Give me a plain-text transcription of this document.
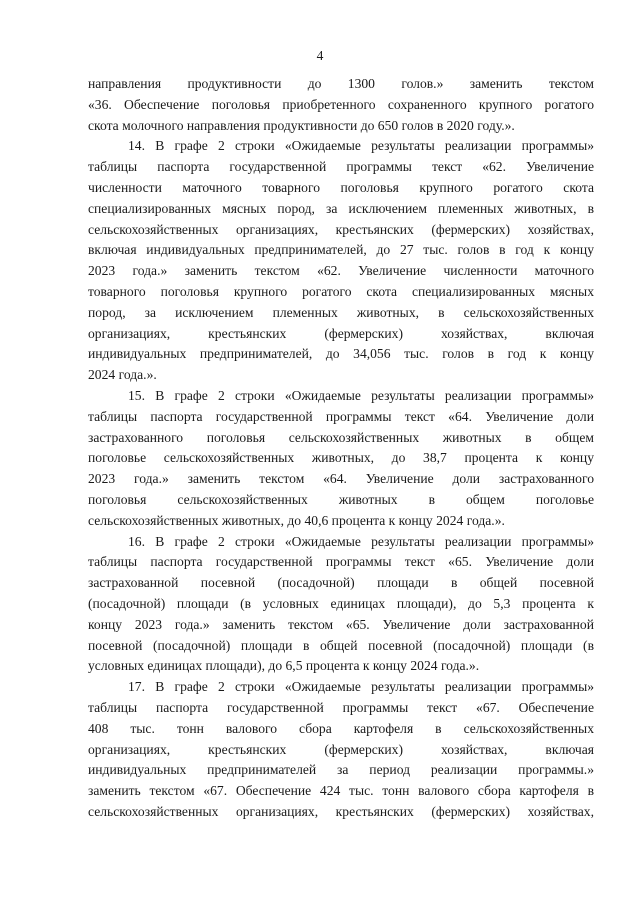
4
направления продуктивности до 1300 голов.» заменить текстом
«36. Обеспечение поголовья приобретенного сохраненного крупного рогатого
скота молочного направления продуктивности до 650 голов в 2020 году.».
14. В графе 2 строки «Ожидаемые результаты реализации программы»
таблицы паспорта государственной программы текст «62. Увеличение
численности маточного товарного поголовья крупного рогатого скота
специализированных мясных пород, за исключением племенных животных, в
сельскохозяйственных организациях, крестьянских (фермерских) хозяйствах,
включая индивидуальных предпринимателей, до 27 тыс. голов в год к концу
2023 года.» заменить текстом «62. Увеличение численности маточного
товарного поголовья крупного рогатого скота специализированных мясных
пород, за исключением племенных животных, в сельскохозяйственных
организациях, крестьянских (фермерских) хозяйствах, включая
индивидуальных предпринимателей, до 34,056 тыс. голов в год к концу
2024 года.».
15. В графе 2 строки «Ожидаемые результаты реализации программы»
таблицы паспорта государственной программы текст «64. Увеличение доли
застрахованного поголовья сельскохозяйственных животных в общем
поголовье сельскохозяйственных животных, до 38,7 процента к концу
2023 года.» заменить текстом «64. Увеличение доли застрахованного
поголовья сельскохозяйственных животных в общем поголовье
сельскохозяйственных животных, до 40,6 процента к концу 2024 года.».
16. В графе 2 строки «Ожидаемые результаты реализации программы»
таблицы паспорта государственной программы текст «65. Увеличение доли
застрахованной посевной (посадочной) площади в общей посевной
(посадочной) площади (в условных единицах площади), до 5,3 процента к
концу 2023 года.» заменить текстом «65. Увеличение доли застрахованной
посевной (посадочной) площади в общей посевной (посадочной) площади (в
условных единицах площади), до 6,5 процента к концу 2024 года.».
17. В графе 2 строки «Ожидаемые результаты реализации программы»
таблицы паспорта государственной программы текст «67. Обеспечение
408 тыс. тонн валового сбора картофеля в сельскохозяйственных
организациях, крестьянских (фермерских) хозяйствах, включая
индивидуальных предпринимателей за период реализации программы.»
заменить текстом «67. Обеспечение 424 тыс. тонн валового сбора картофеля в
сельскохозяйственных организациях, крестьянских (фермерских) хозяйствах,
